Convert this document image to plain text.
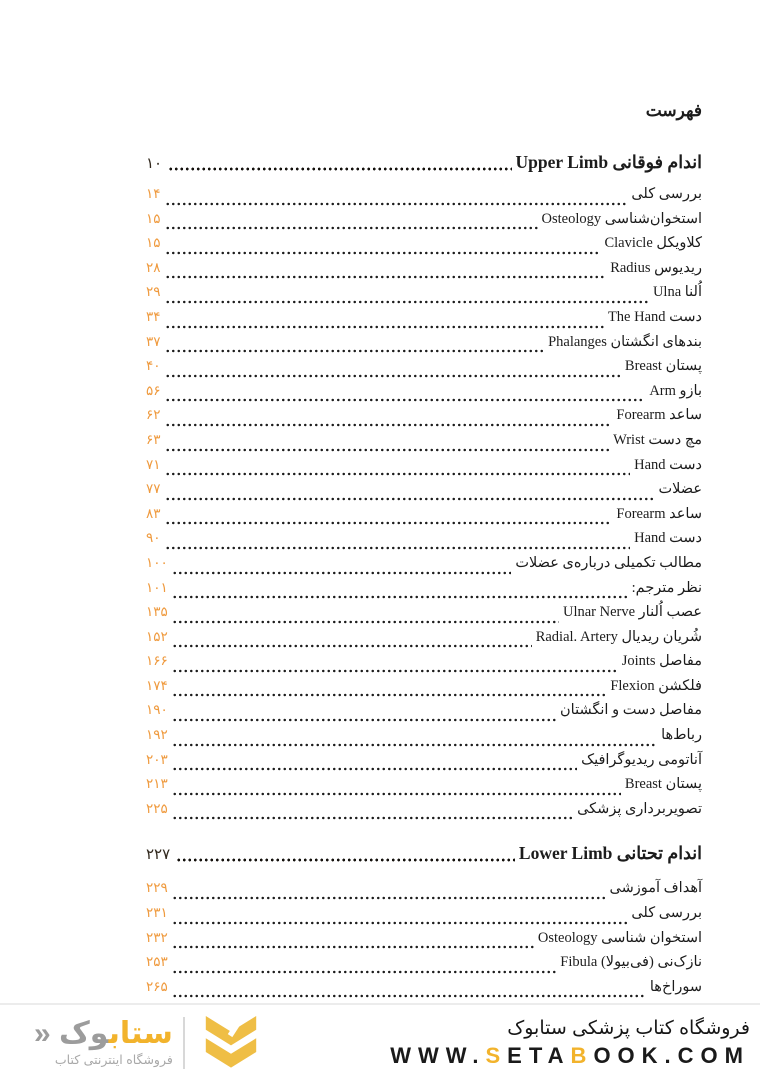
فهرست
اندام فوقانی Upper Limb
۱۰
بررسی کلی
۱۴
استخوان‌شناسی Osteology
۱۵
کلاویکل Clavicle
۱۵
ریدیوس Radius
۲۸
اُلنا Ulna
۲۹
دست The Hand
۳۴
بندهای انگشتان Phalanges
۳۷
پستان Breast
۴۰
بازو Arm
۵۶
ساعد Forearm
۶۲
مچ دست Wrist
۶۳
دست Hand
۷۱
عضلات
۷۷
ساعد Forearm
۸۳
دست Hand
۹۰
مطالب تکمیلی درباره‌ی عضلات
۱۰۰
نظر مترجم:
۱۰۱
عصب اُلنار Ulnar Nerve
۱۳۵
شُریان ریدیال Radial. Artery
۱۵۲
مفاصل Joints
۱۶۶
فلکشن Flexion
۱۷۴
مفاصل دست و انگشتان
۱۹۰
رباط‌ها
۱۹۲
آناتومی ریدیوگرافیک
۲۰۳
پستان Breast
۲۱۳
تصویربرداری پزشکی
۲۲۵
اندام تحتانی Lower Limb
۲۲۷
آهداف آموزشی
۲۲۹
بررسی کلی
۲۳۱
استخوان شناسی Osteology
۲۳۲
نازک‌نی (فی‌بیولا) Fibula
۲۵۳
سوراخ‌ها
۲۶۵
ستابوک «
فروشگاه اینترنتی کتاب
فروشگاه کتاب پزشکی ستابوک
WWW.SETABOOK.COM
